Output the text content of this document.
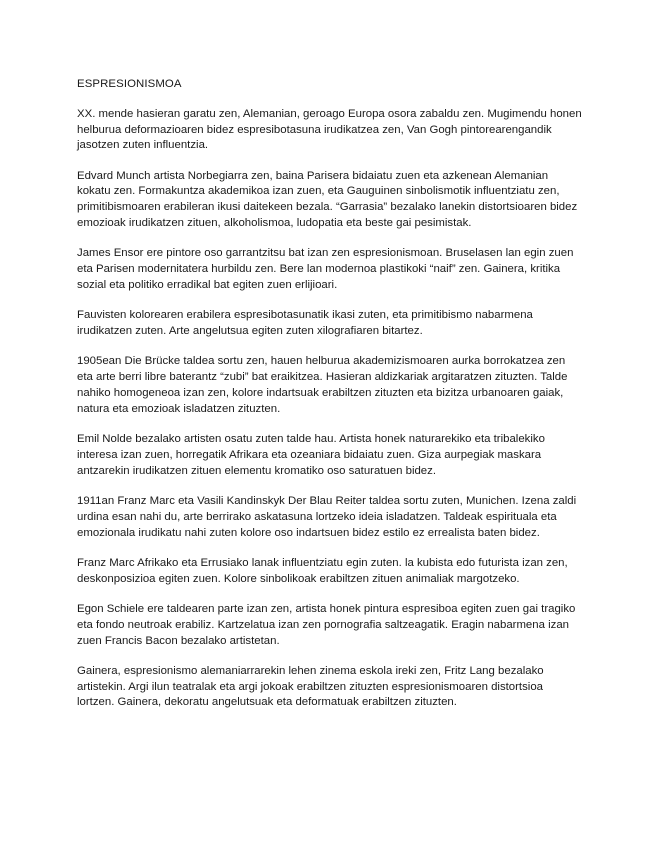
ESPRESIONISMOA

XX. mende hasieran garatu zen, Alemanian, geroago Europa osora zabaldu zen. Mugimendu honen helburua deformazioaren bidez espresibotasuna irudikatzea zen, Van Gogh pintorearengandik jasotzen zuten influentzia.

Edvard Munch artista Norbegiarra zen, baina Parisera bidaiatu zuen eta azkenean Alemanian kokatu zen. Formakuntza akademikoa izan zuen, eta Gauguinen sinbolismotik influentziatu zen, primitibismoaren erabileran ikusi daitekeen bezala. “Garrasia” bezalako lanekin distortsioaren bidez emozioak irudikatzen zituen, alkoholismoa, ludopatia eta beste gai pesimistak.

James Ensor ere pintore oso garrantzitsu bat izan zen espresionismoan. Bruselasen lan egin zuen eta Parisen modernitatera hurbildu zen. Bere lan modernoa plastikoki “naif” zen. Gainera, kritika sozial eta politiko erradikal bat egiten zuen erlijioari.

Fauvisten kolorearen erabilera espresibotasunatik ikasi zuten, eta primitibismo nabarmena irudikatzen zuten. Arte angelutsua egiten zuten xilografiaren bitartez.

1905ean Die Brücke taldea sortu zen, hauen helburua akademizismoaren aurka borrokatzea zen eta arte berri libre baterantz “zubi” bat eraikitzea. Hasieran aldizkariak argitaratzen zituzten. Talde nahiko homogeneoa izan zen, kolore indartsuak erabiltzen zituzten eta bizitza urbanoaren gaiak, natura eta emozioak isladatzen zituzten.

Emil Nolde bezalako artisten osatu zuten talde hau. Artista honek naturarekiko eta tribalekiko interesa izan zuen, horregatik Afrikara eta ozeaniara bidaiatu zuen. Giza aurpegiak maskara antzarekin irudikatzen zituen elementu kromatiko oso saturatuen bidez.

1911an Franz Marc eta Vasili Kandinskyk Der Blau Reiter taldea sortu zuten, Munichen. Izena zaldi urdina esan nahi du, arte berrirako askatasuna lortzeko ideia isladatzen. Taldeak espirituala eta emozionala irudikatu nahi zuten kolore oso indartsuen bidez estilo ez errealista baten bidez.

Franz Marc Afrikako eta Errusiako lanak influentziatu egin zuten. la kubista edo futurista izan zen, deskonposizioa egiten zuen. Kolore sinbolikoak erabiltzen zituen animaliak margotzeko.

Egon Schiele ere taldearen parte izan zen, artista honek pintura espresiboa egiten zuen gai tragiko eta fondo neutroak erabiliz. Kartzelatua izan zen pornografia saltzeagatik. Eragin nabarmena izan zuen Francis Bacon bezalako artistetan.

Gainera, espresionismo alemaniarrarekin lehen zinema eskola ireki zen, Fritz Lang bezalako artistekin. Argi ilun teatralak eta argi jokoak erabiltzen zituzten espresionismoaren distortsioa lortzen. Gainera, dekoratu angelutsuak eta deformatuak erabiltzen zituzten.
